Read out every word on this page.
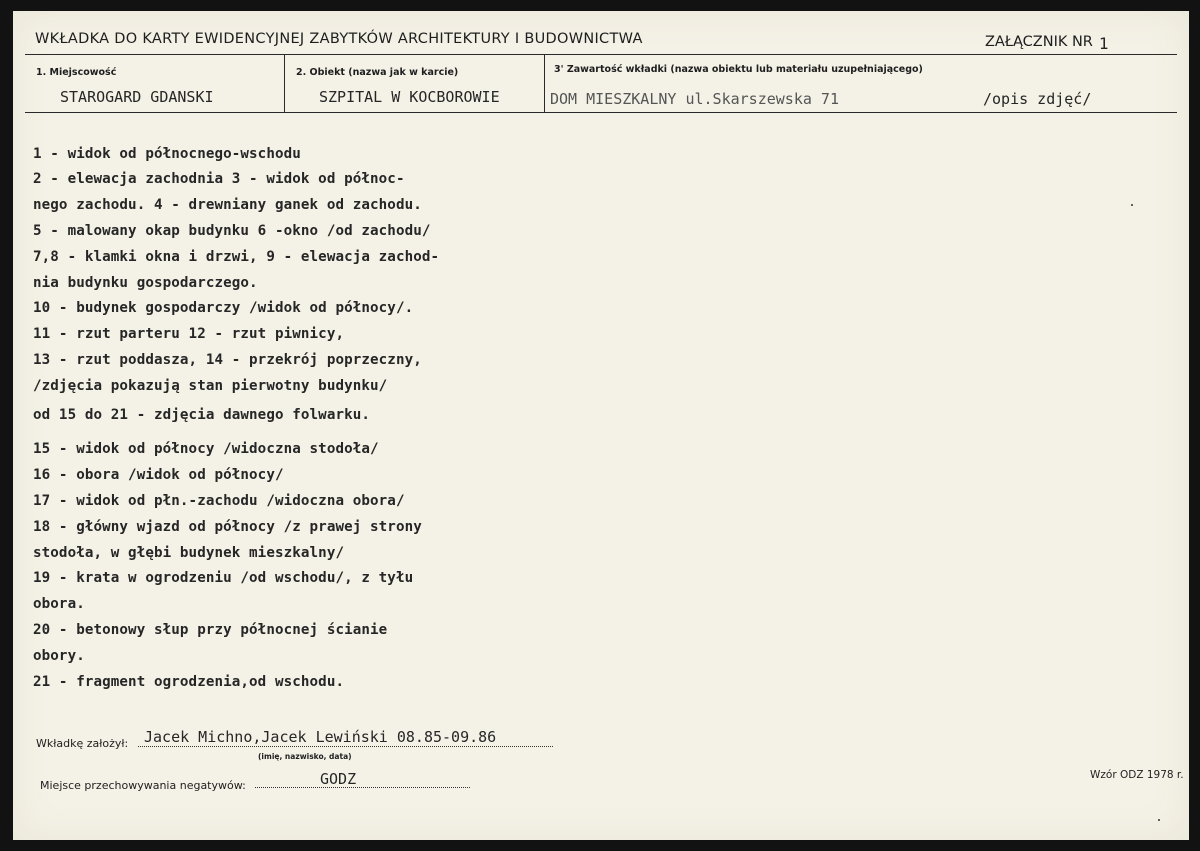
WKŁADKA DO KARTY EWIDENCYJNEJ ZABYTKÓW ARCHITEKTURY I BUDOWNICTWA	ZAŁĄCZNIK NR 1
1. Miejscowość
STAROGARD GDANSKI
2. Obiekt (nazwa jak w karcie)
SZPITAL W KOCBOROWIE
3' Zawartość wkładki (nazwa obiektu lub materiału uzupełniającego)
DOM MIESZKALNY ul.Skarszewska 71	/opis zdjęć/
1 - widok od północnego-wschodu
2 - elewacja zachodnia 3 - widok od północ-
nego zachodu. 4 - drewniany ganek od zachodu.
5 - malowany okap budynku 6 -okno /od zachodu/
7,8 - klamki okna i drzwi, 9 - elewacja zachod-
nia budynku gospodarczego.
10 - budynek gospodarczy /widok od północy/.
11 - rzut parteru 12 - rzut piwnicy,
13 - rzut poddasza, 14 - przekrój poprzeczny,
/zdjęcia pokazują stan pierwotny budynku/
od 15 do 21 - zdjęcia dawnego folwarku.
15 - widok od północy /widoczna stodoła/
16 - obora /widok od północy/
17 - widok od płn.-zachodu /widoczna obora/
18 - główny wjazd od północy /z prawej strony
stodoła, w głębi budynek mieszkalny/
19 - krata w ogrodzeniu /od wschodu/, z tyłu
obora.
20 - betonowy słup przy północnej ścianie
obory.
21 - fragment ogrodzenia,od wschodu.
Wkładkę założył: Jacek Michno,Jacek Lewiński 08.85-09.86
(imię, nazwisko, data)
Miejsce przechowywania negatywów:	GODZ	Wzór ODZ 1978 r.
